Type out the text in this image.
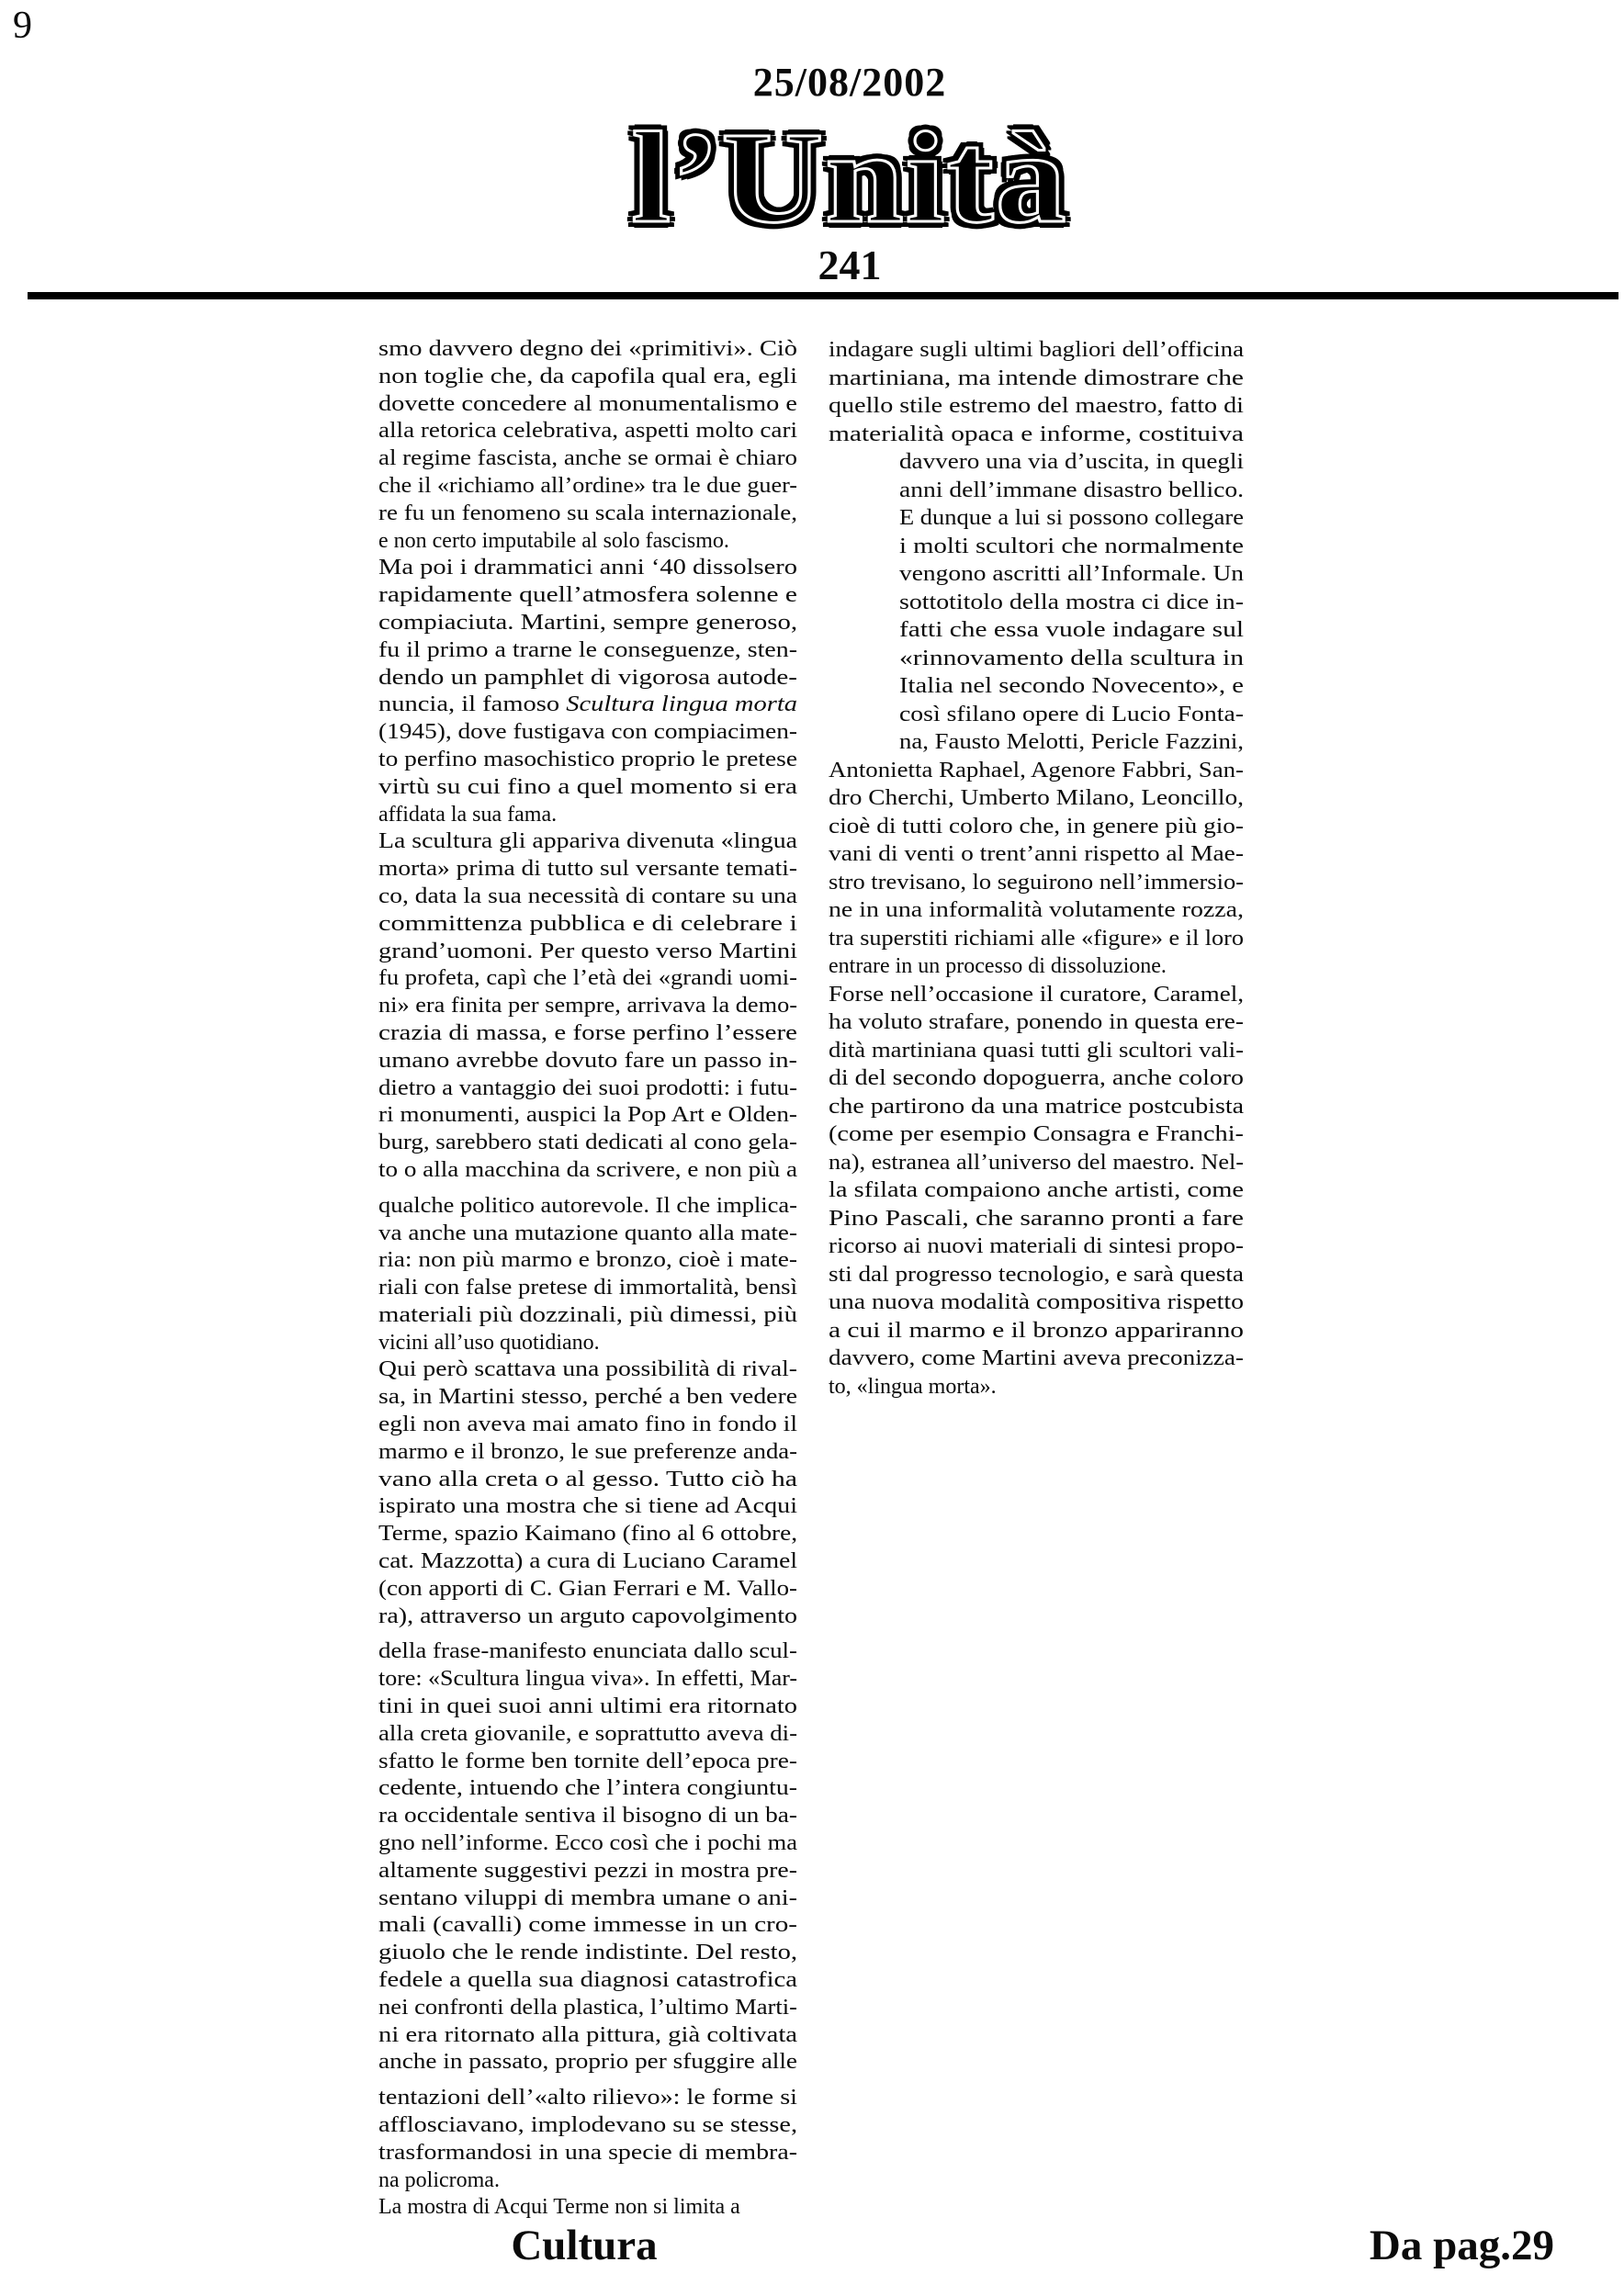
9
25/08/2002
l’Unità
241
smo davvero degno dei «primitivi». Ciò
non toglie che, da capofila qual era, egli
dovette concedere al monumentalismo e
alla retorica celebrativa, aspetti molto cari
al regime fascista, anche se ormai è chiaro
che il «richiamo all’ordine» tra le due guer-
re fu un fenomeno su scala internazionale,
e non certo imputabile al solo fascismo.
Ma poi i drammatici anni ‘40 dissolsero
rapidamente quell’atmosfera solenne e
compiaciuta. Martini, sempre generoso,
fu il primo a trarne le conseguenze, sten-
dendo un pamphlet di vigorosa autode-
nuncia, il famoso Scultura lingua morta
(1945), dove fustigava con compiacimen-
to perfino masochistico proprio le pretese
virtù su cui fino a quel momento si era
affidata la sua fama.
La scultura gli appariva divenuta «lingua
morta» prima di tutto sul versante temati-
co, data la sua necessità di contare su una
committenza pubblica e di celebrare i
grand’uomoni. Per questo verso Martini
fu profeta, capì che l’età dei «grandi uomi-
ni» era finita per sempre, arrivava la demo-
crazia di massa, e forse perfino l’essere
umano avrebbe dovuto fare un passo in-
dietro a vantaggio dei suoi prodotti: i futu-
ri monumenti, auspici la Pop Art e Olden-
burg, sarebbero stati dedicati al cono gela-
to o alla macchina da scrivere, e non più a
qualche politico autorevole. Il che implica-
va anche una mutazione quanto alla mate-
ria: non più marmo e bronzo, cioè i mate-
riali con false pretese di immortalità, bensì
materiali più dozzinali, più dimessi, più
vicini all’uso quotidiano.
Qui però scattava una possibilità di rival-
sa, in Martini stesso, perché a ben vedere
egli non aveva mai amato fino in fondo il
marmo e il bronzo, le sue preferenze anda-
vano alla creta o al gesso. Tutto ciò ha
ispirato una mostra che si tiene ad Acqui
Terme, spazio Kaimano (fino al 6 ottobre,
cat. Mazzotta) a cura di Luciano Caramel
(con apporti di C. Gian Ferrari e M. Vallo-
ra), attraverso un arguto capovolgimento
della frase-manifesto enunciata dallo scul-
tore: «Scultura lingua viva». In effetti, Mar-
tini in quei suoi anni ultimi era ritornato
alla creta giovanile, e soprattutto aveva di-
sfatto le forme ben tornite dell’epoca pre-
cedente, intuendo che l’intera congiuntu-
ra occidentale sentiva il bisogno di un ba-
gno nell’informe. Ecco così che i pochi ma
altamente suggestivi pezzi in mostra pre-
sentano viluppi di membra umane o ani-
mali (cavalli) come immesse in un cro-
giuolo che le rende indistinte. Del resto,
fedele a quella sua diagnosi catastrofica
nei confronti della plastica, l’ultimo Marti-
ni era ritornato alla pittura, già coltivata
anche in passato, proprio per sfuggire alle
tentazioni dell’«alto rilievo»: le forme si
afflosciavano, implodevano su se stesse,
trasformandosi in una specie di membra-
na policroma.
La mostra di Acqui Terme non si limita a
indagare sugli ultimi bagliori dell’officina
martiniana, ma intende dimostrare che
quello stile estremo del maestro, fatto di
materialità opaca e informe, costituiva
davvero una via d’uscita, in quegli
anni dell’immane disastro bellico.
E dunque a lui si possono collegare
i molti scultori che normalmente
vengono ascritti all’Informale. Un
sottotitolo della mostra ci dice in-
fatti che essa vuole indagare sul
«rinnovamento della scultura in
Italia nel secondo Novecento», e
così sfilano opere di Lucio Fonta-
na, Fausto Melotti, Pericle Fazzini,
Antonietta Raphael, Agenore Fabbri, San-
dro Cherchi, Umberto Milano, Leoncillo,
cioè di tutti coloro che, in genere più gio-
vani di venti o trent’anni rispetto al Mae-
stro trevisano, lo seguirono nell’immersio-
ne in una informalità volutamente rozza,
tra superstiti richiami alle «figure» e il loro
entrare in un processo di dissoluzione.
Forse nell’occasione il curatore, Caramel,
ha voluto strafare, ponendo in questa ere-
dità martiniana quasi tutti gli scultori vali-
di del secondo dopoguerra, anche coloro
che partirono da una matrice postcubista
(come per esempio Consagra e Franchi-
na), estranea all’universo del maestro. Nel-
la sfilata compaiono anche artisti, come
Pino Pascali, che saranno pronti a fare
ricorso ai nuovi materiali di sintesi propo-
sti dal progresso tecnologio, e sarà questa
una nuova modalità compositiva rispetto
a cui il marmo e il bronzo appariranno
davvero, come Martini aveva preconizza-
to, «lingua morta».
Cultura	Da pag.29
